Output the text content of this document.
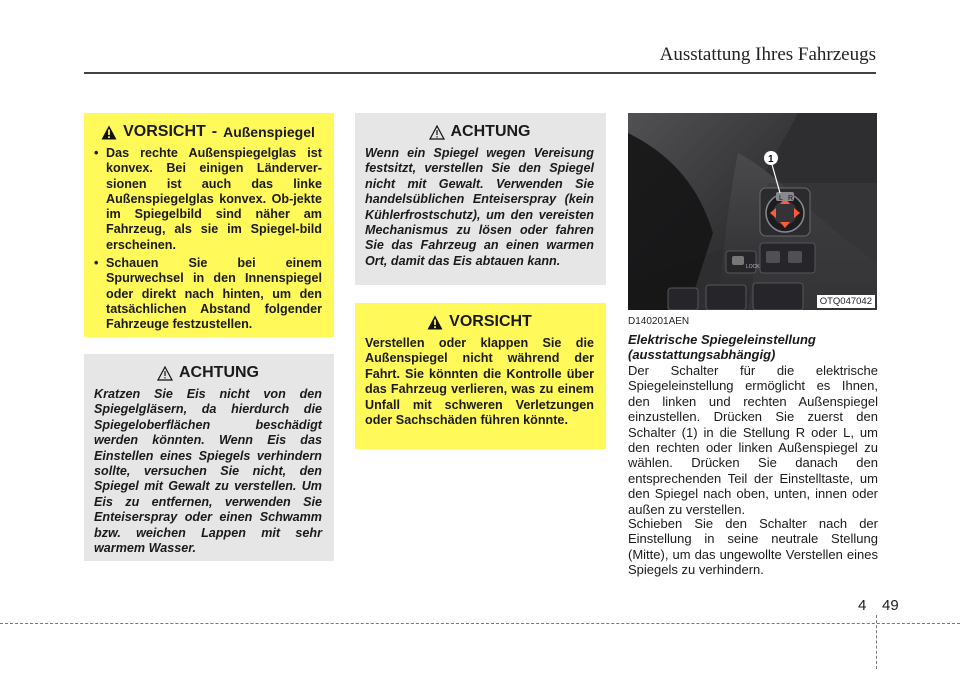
Ausstattung Ihres Fahrzeugs
VORSICHT - Außenspiegel
• Das rechte Außenspiegelglas ist konvex. Bei einigen Länderver-sionen ist auch das linke Außenspiegelglas konvex. Ob-jekte im Spiegelbild sind näher am Fahrzeug, als sie im Spiegel-bild erscheinen.
• Schauen Sie bei einem Spurwechsel in den Innenspiegel oder direkt nach hinten, um den tatsächlichen Abstand folgender Fahrzeuge festzustellen.
ACHTUNG

Kratzen Sie Eis nicht von den Spiegelgläsern, da hierdurch die Spiegeloberflächen beschädigt werden könnten. Wenn Eis das Einstellen eines Spiegels verhindern sollte, versuchen Sie nicht, den Spiegel mit Gewalt zu verstellen. Um Eis zu entfernen, verwenden Sie Enteiserspray oder einen Schwamm bzw. weichen Lappen mit sehr warmem Wasser.

ACHTUNG

Wenn ein Spiegel wegen Vereisung festsitzt, verstellen Sie den Spiegel nicht mit Gewalt. Verwenden Sie handelsüblichen Enteiserspray (kein Kühlerfrostschutz), um den vereisten Mechanismus zu lösen oder fahren Sie das Fahrzeug an einen warmen Ort, damit das Eis abtauen kann.

VORSICHT

Verstellen oder klappen Sie die Außenspiegel nicht während der Fahrt. Sie könnten die Kontrolle über das Fahrzeug verlieren, was zu einem Unfall mit schweren Verletzungen oder Sachschäden führen könnte.

L R
1
LOCK
OTQ047042
D140201AEN
Elektrische Spiegeleinstellung (ausstattungsabhängig)

Der Schalter für die elektrische Spiegeleinstellung ermöglicht es Ihnen, den linken und rechten Außenspiegel einzustellen. Drücken Sie zuerst den Schalter (1) in die Stellung R oder L, um den rechten oder linken Außenspiegel zu wählen. Drücken Sie danach den entsprechenden Teil der Einstelltaste, um den Spiegel nach oben, unten, innen oder außen zu verstellen.

Schieben Sie den Schalter nach der Einstellung in seine neutrale Stellung (Mitte), um das ungewollte Verstellen eines Spiegels zu verhindern.

4 49
